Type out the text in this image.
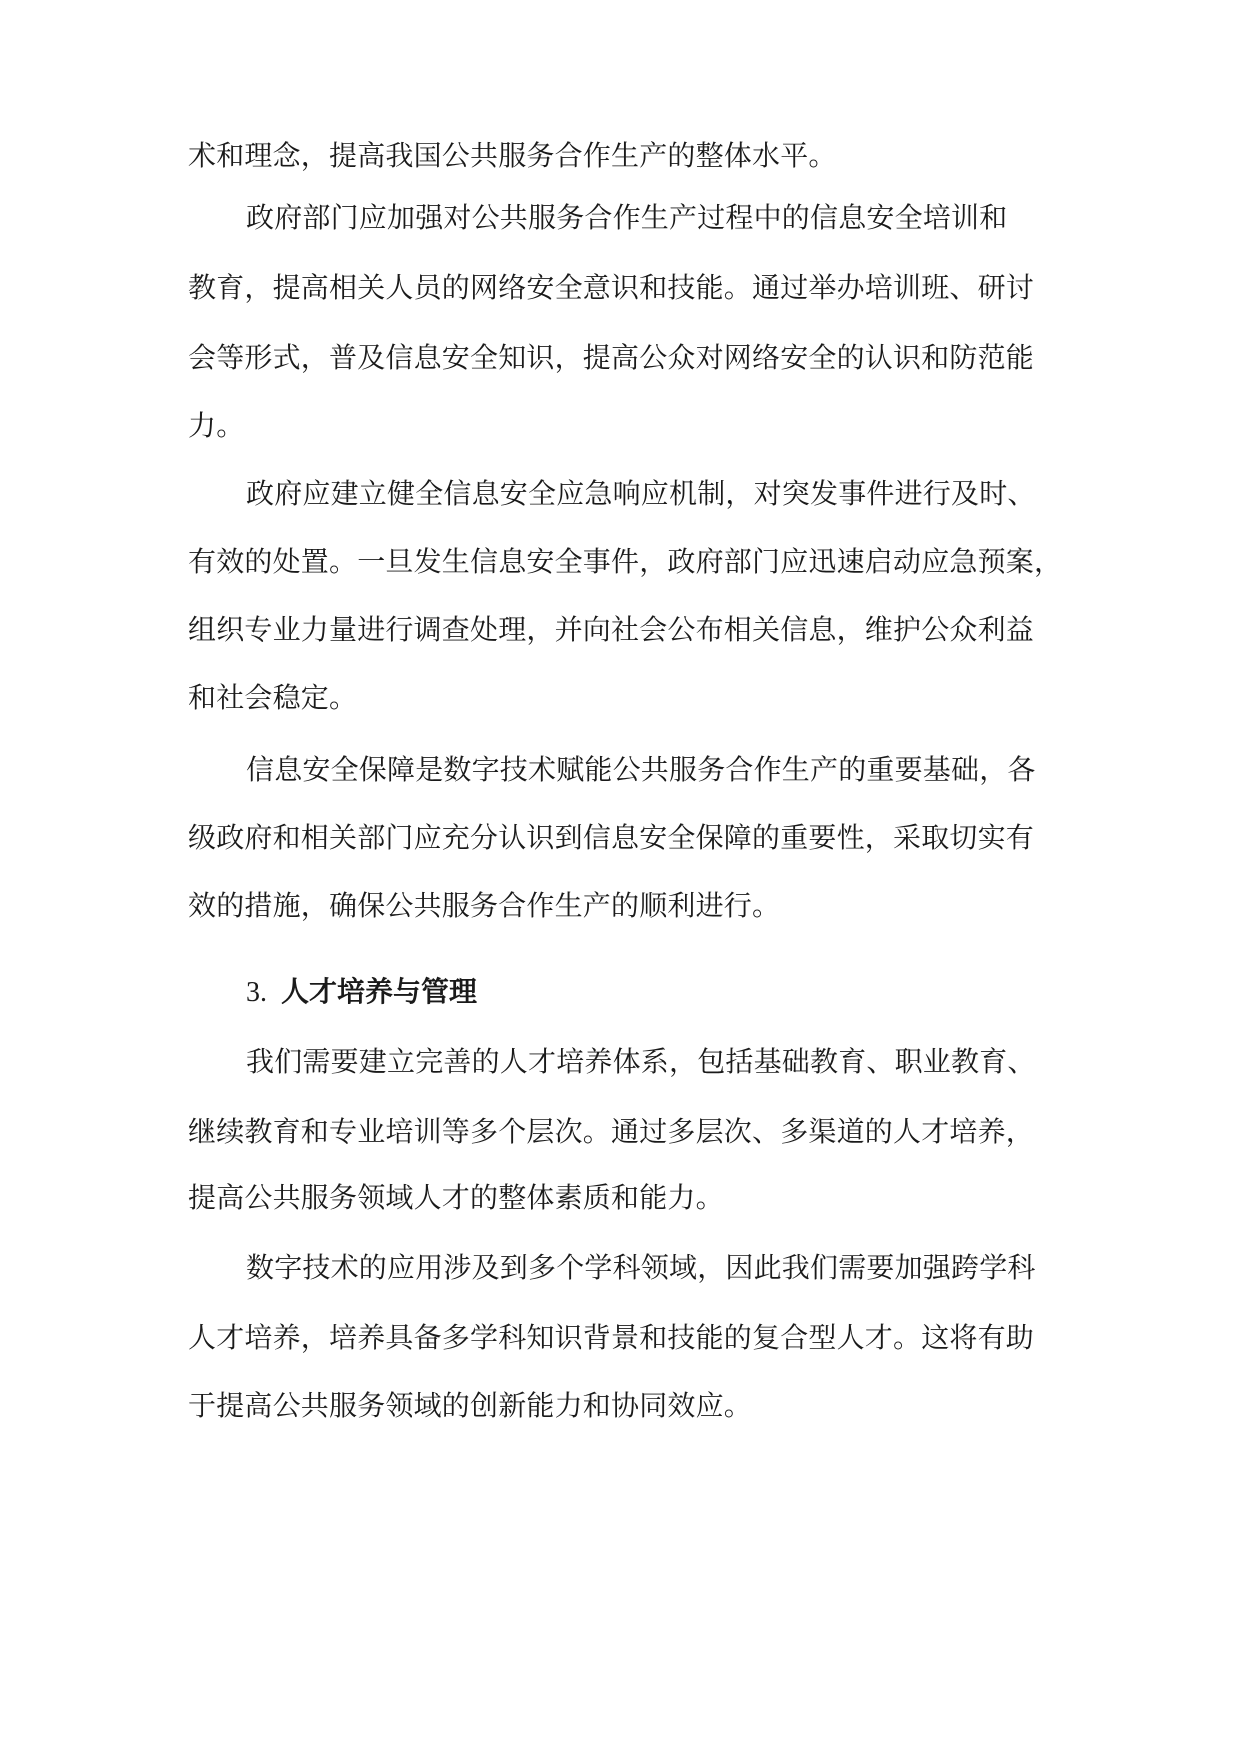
术和理念，提高我国公共服务合作生产的整体水平。
政府部门应加强对公共服务合作生产过程中的信息安全培训和
教育，提高相关人员的网络安全意识和技能。通过举办培训班、研讨
会等形式，普及信息安全知识，提高公众对网络安全的认识和防范能
力。
政府应建立健全信息安全应急响应机制，对突发事件进行及时、
有效的处置。一旦发生信息安全事件，政府部门应迅速启动应急预案，
组织专业力量进行调查处理，并向社会公布相关信息，维护公众利益
和社会稳定。
信息安全保障是数字技术赋能公共服务合作生产的重要基础，各
级政府和相关部门应充分认识到信息安全保障的重要性，采取切实有
效的措施，确保公共服务合作生产的顺利进行。
3. 人才培养与管理
我们需要建立完善的人才培养体系，包括基础教育、职业教育、
继续教育和专业培训等多个层次。通过多层次、多渠道的人才培养，
提高公共服务领域人才的整体素质和能力。
数字技术的应用涉及到多个学科领域，因此我们需要加强跨学科
人才培养，培养具备多学科知识背景和技能的复合型人才。这将有助
于提高公共服务领域的创新能力和协同效应。
